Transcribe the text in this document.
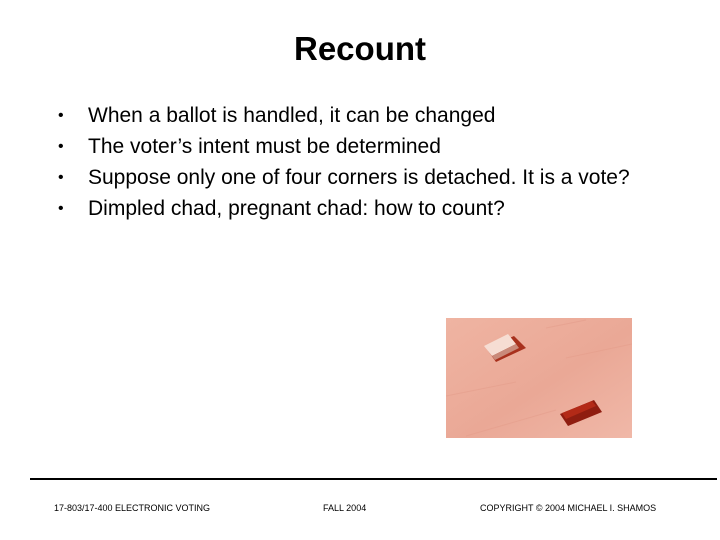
Recount
• When a ballot is handled, it can be changed
• The voter’s intent must be determined
• Suppose only one of four corners is detached. It is a vote?
• Dimpled chad, pregnant chad: how to count?
17-803/17-400 ELECTRONIC VOTING	FALL 2004	COPYRIGHT © 2004 MICHAEL I. SHAMOS
